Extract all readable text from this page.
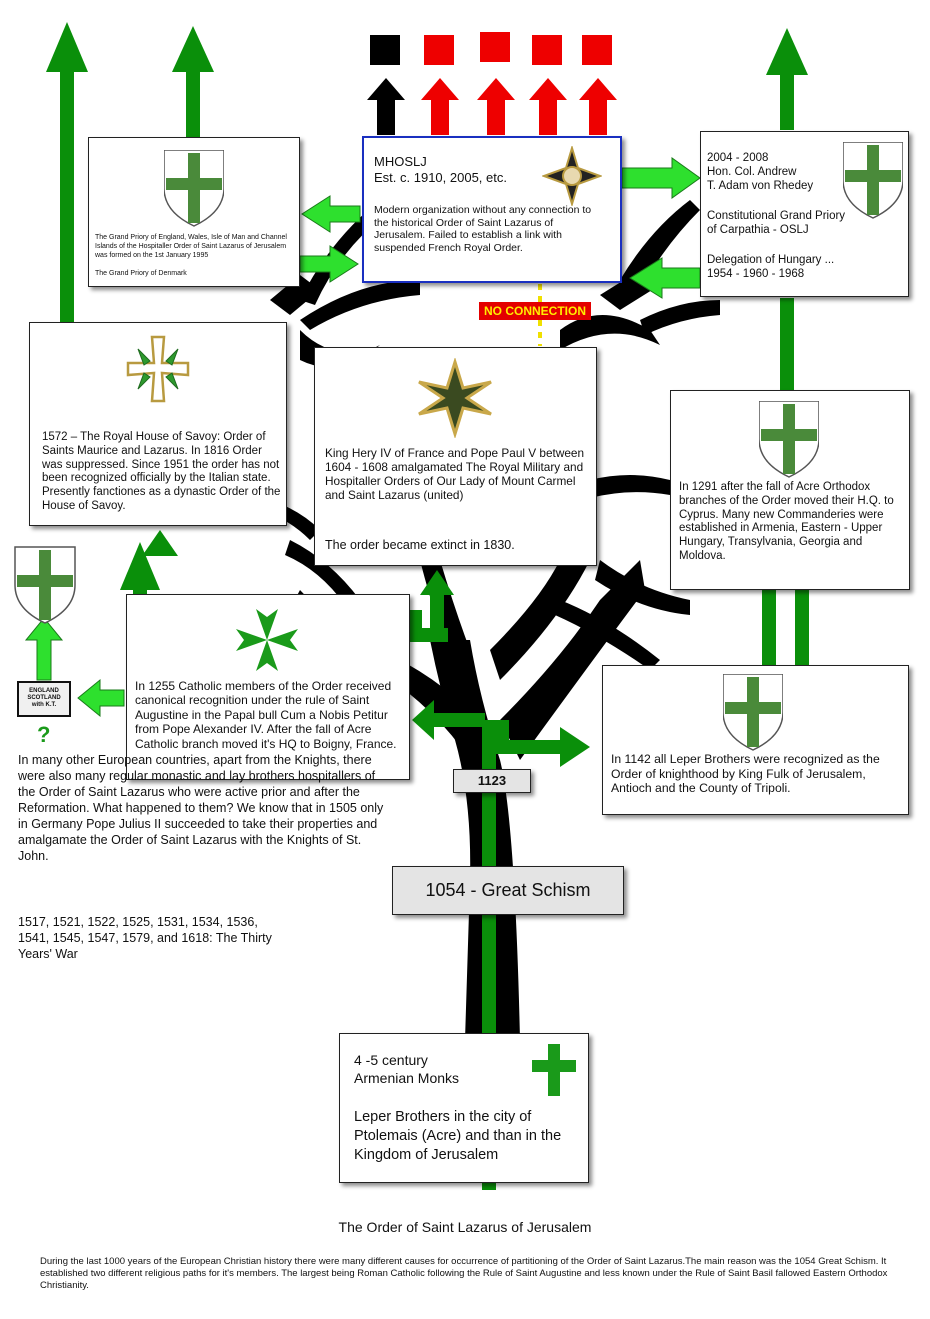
MHOSLJ
Est. c. 1910, 2005, etc.
Modern organization without any connection to the historical Order of Saint Lazarus of Jerusalem. Failed to establish a link with suspended French Royal Order.
NO CONNECTION
The Grand Priory of England, Wales, Isle of Man and Channel Islands of the Hospitaller Order of Saint Lazarus of Jerusalem was formed on the 1st January 1995
The Grand Priory of Denmark
2004 - 2008
Hon. Col. Andrew
T. Adam von Rhedey
Constitutional Grand Priory
of Carpathia - OSLJ
Delegation of Hungary ...
1954 - 1960 - 1968
1572 – The Royal House of Savoy: Order of Saints Maurice and Lazarus. In 1816 Order was suppressed. Since 1951 the order has not been recognized officially by the Italian state. Presently fanctiones as a dynastic Order of the House of Savoy.
King Hery IV of France and Pope Paul V between 1604 - 1608 amalgamated The Royal Military and Hospitaller Orders of Our Lady of Mount Carmel and Saint Lazarus (united)
The order became extinct in 1830.
In 1291 after the fall of Acre Orthodox branches of the Order moved their H.Q. to Cyprus. Many new Commanderies were established in Armenia, Eastern - Upper Hungary, Transylvania, Georgia and Moldova.
In 1255 Catholic members of the Order received canonical recognition under the rule of Saint Augustine in the Papal bull Cum a Nobis Petitur from Pope Alexander IV. After the fall of Acre Catholic branch moved it's HQ to Boigny, France.
In 1142 all Leper Brothers were recognized as the Order of knighthood by King Fulk of Jerusalem, Antioch and the County of Tripoli.
ENGLAND
SCOTLAND
with K.T.
?
In many other European countries, apart from the Knights, there were also many regular monastic and lay brothers hospitallers of the Order of Saint Lazarus who were active prior and after the Reformation. What happened to them? We know that in 1505 only in Germany Pope Julius II succeeded to take their properties and amalgamate the Order of Saint Lazarus with the Knights of St. John.
1517, 1521, 1522, 1525, 1531, 1534, 1536, 1541, 1545, 1547, 1579, and 1618: The Thirty Years' War
1123
1054 - Great Schism
4 -5 century
Armenian Monks
Leper Brothers in the city of Ptolemais (Acre) and than in the Kingdom of Jerusalem
The Order of Saint Lazarus of Jerusalem
During the last 1000 years of the European Christian history there were many different causes for occurrence of partitioning of the Order of Saint Lazarus.The main reason was the 1054 Great Schism. It established two different religious paths for it's members. The largest being Roman Catholic following the Rule of Saint Augustine and less known under the Rule of Saint Basil fallowed Eastern Orthodox Christianity.
